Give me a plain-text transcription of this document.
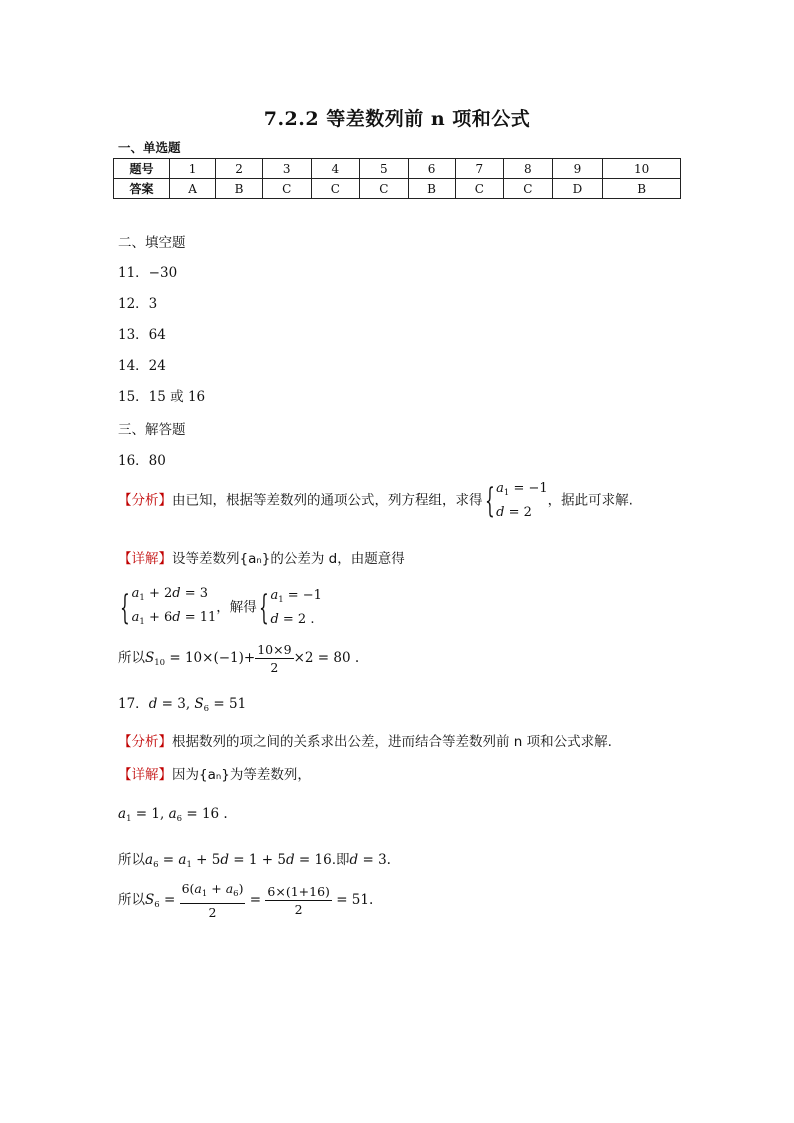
7.2.2 等差数列前 n 项和公式
一、单选题
题号	1	2	3	4	5	6	7	8	9	10
答案	A	B	C	C	C	B	C	C	D	B
二、填空题
11．−30
12．3
13．64
14．24
15．15 或 16
三、解答题
16．80
【分析】由已知，根据等差数列的通项公式，列方程组，求得{ $a_1 = -1$
d = 2，据此可求解.
【详解】设等差数列{aₙ}的公差为 d，由题意得
{ $a_1 + 2d = 3$
$a_1 + 6d = 11$，解得{ $a_1 = -1$
d = 2 .
所以$S_{10} = 10\times(-1)+ \frac{10\times 9}{2} \times 2 = 80$ .
17．d = 3, $S_6 = 51$
【分析】根据数列的项之间的关系求出公差，进而结合等差数列前 n 项和公式求解.
【详解】因为{aₙ}为等差数列，
$a_1 = 1$, $a_6 = 16$ .
所以$a_6 = a_1 + 5d = 1 + 5d = 16$.即d = 3.
所以$S_6 = \frac{6(a_1 + a_6)}{2} = \frac{6\times(1+16)}{2} = 51$.
